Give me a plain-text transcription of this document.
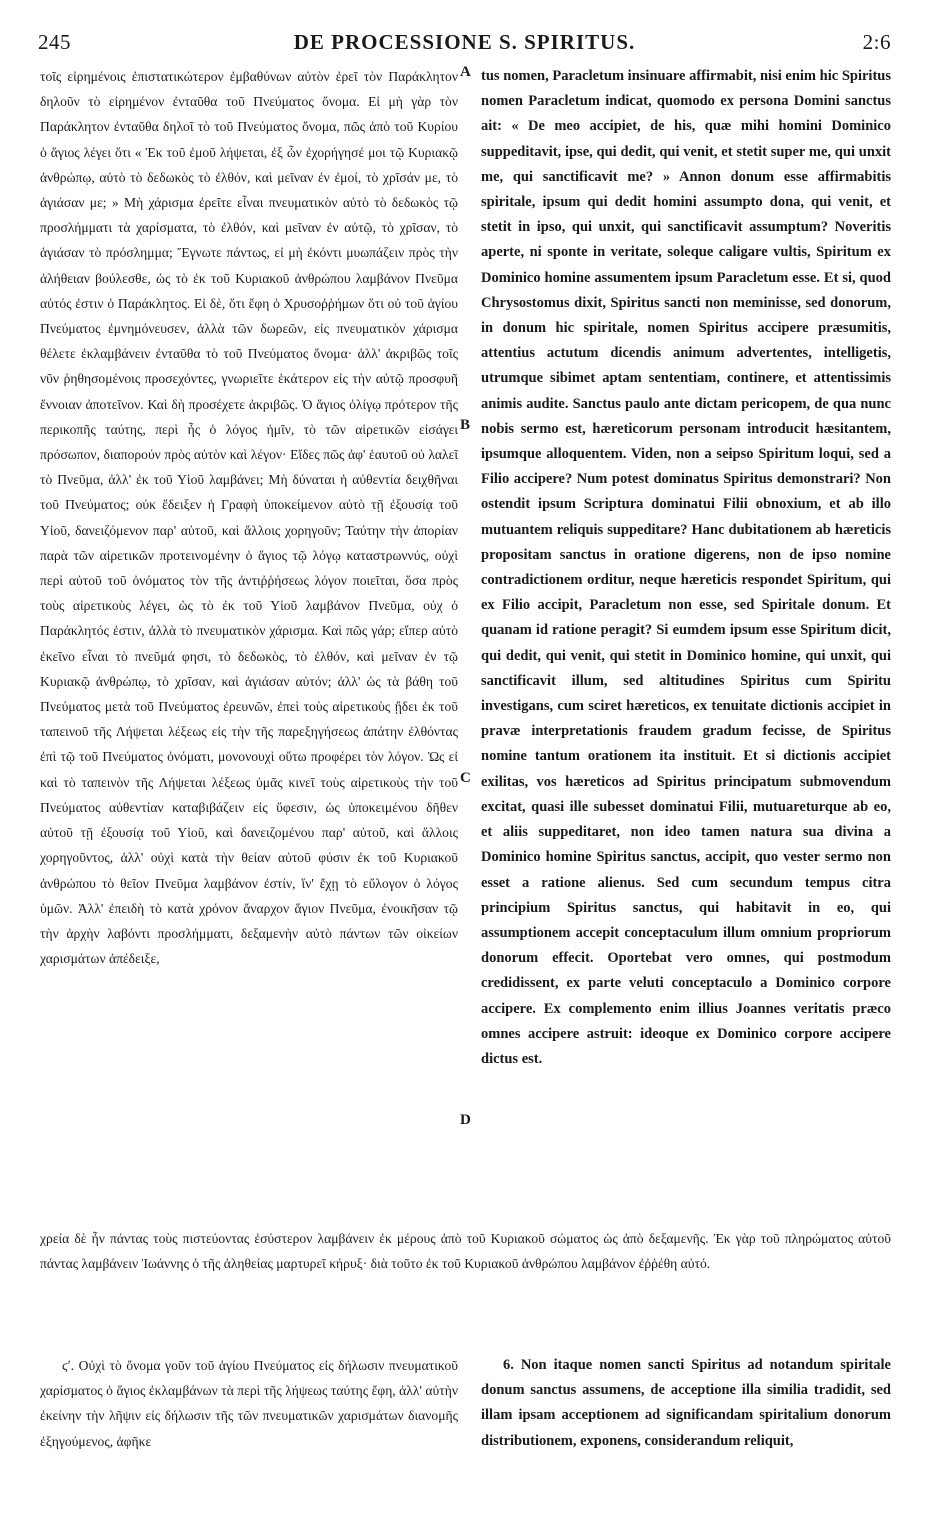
245	DE PROCESSIONE S. SPIRITUS.	2:6

τοῖς εἰρημένοις ἐπιστατικώτερον ἐμβαθύνων αὐτὸν ἐρεῖ τὸν Παράκλητον δηλοῦν τὸ εἰρημένον ἐνταῦθα τοῦ Πνεύματος ὄνομα. Εἰ μὴ γὰρ τὸν Παράκλητον ἐνταῦθα δηλοῖ τὸ τοῦ Πνεύματος ὄνομα, πῶς ἀπὸ τοῦ Κυρίου ὁ ἅγιος λέγει ὅτι « Ἐκ τοῦ ἐμοῦ λήψεται, ἐξ ὧν ἐχορήγησέ μοι τῷ Κυριακῷ ἀνθρώπῳ, αὐτὸ τὸ δεδωκὸς τὸ ἐλθόν, καὶ μεῖναν ἐν ἐμοί, τὸ χρῖσάν με, τὸ ἁγιάσαν με; » Μὴ χάρισμα ἐρεῖτε εἶναι πνευματικὸν αὐτὸ τὸ δεδωκὸς τῷ προσλήμματι τὰ χαρίσματα, τὸ ἐλθόν, καὶ μεῖναν ἐν αὐτῷ, τὸ χρῖσαν, τὸ ἁγιάσαν τὸ πρόσλημμα; Ἔγνωτε πάντως, εἰ μὴ ἐκόντι μυωπάζειν πρὸς τὴν ἀλήθειαν βούλεσθε, ὡς τὸ ἐκ τοῦ Κυριακοῦ ἀνθρώπου λαμβάνον Πνεῦμα αὐτός ἐστιν ὁ Παράκλητος. Εἰ δὲ, ὅτι ἔφη ὁ Χρυσοῤῥήμων ὅτι οὐ τοῦ ἁγίου Πνεύματος ἐμνημόνευσεν, ἀλλὰ τῶν δωρεῶν, εἰς πνευματικὸν χάρισμα θέλετε ἐκλαμβάνειν ἐνταῦθα τὸ τοῦ Πνεύματος ὄνομα· ἀλλ' ἀκριβῶς τοῖς νῦν ῥηθησομένοις προσεχόντες, γνωριεῖτε ἑκάτερον εἰς τὴν αὐτῷ προσφυῆ ἔννοιαν ἀποτεῖνον. Καὶ δὴ προσέχετε ἀκριβῶς. Ὁ ἅγιος ὀλίγῳ πρότερον τῆς περικοπῆς ταύτης, περὶ ἧς ὁ λόγος ἡμῖν, τὸ τῶν αἱρετικῶν εἰσάγει πρόσωπον, διαπορούν πρὸς αὐτὸν καὶ λέγον· Εἴδες πῶς ἀφ' ἑαυτοῦ οὐ λαλεῖ τὸ Πνεῦμα, ἀλλ' ἐκ τοῦ Υἱοῦ λαμβάνει; Μὴ δύναται ἡ αὐθεντία δειχθῆναι τοῦ Πνεύματος; οὐκ ἔδειξεν ἡ Γραφὴ ὑποκείμενον αὐτὸ τῇ ἐξουσίᾳ τοῦ Υἱοῦ, δανειζόμενον παρ' αὐτοῦ, καὶ ἄλλοις χορηγοῦν; Ταύτην τὴν ἀπορίαν παρὰ τῶν αἱρετικῶν προτεινομένην ὁ ἅγιος τῷ λόγῳ καταστρωννύς, οὐχὶ περὶ αὐτοῦ τοῦ ὀνόματος τὸν τῆς ἀντιῤῥήσεως λόγον ποιεῖται, ὅσα πρὸς τοὺς αἱρετικοὺς λέγει, ὡς τὸ ἐκ τοῦ Υἱοῦ λαμβάνον Πνεῦμα, οὐχ ὁ Παράκλητός ἐστιν, ἀλλὰ τὸ πνευματικὸν χάρισμα. Καὶ πῶς γάρ; εἴπερ αὐτὸ ἐκεῖνο εἶναι τὸ πνεῦμά φησι, τὸ δεδωκὸς, τὸ ἐλθόν, καὶ μεῖναν ἐν τῷ Κυριακῷ ἀνθρώπῳ, τὸ χρῖσαν, καὶ ἁγιάσαν αὐτόν; ἀλλ' ὡς τὰ βάθη τοῦ Πνεύματος μετὰ τοῦ Πνεύματος ἐρευνῶν, ἐπεὶ τοὺς αἱρετικοὺς ᾔδει ἐκ τοῦ ταπεινοῦ τῆς Λήψεται λέξεως εἰς τὴν τῆς παρεξηγήσεως ἀπάτην ἐλθόντας ἐπὶ τῷ τοῦ Πνεύματος ὀνόματι, μονονουχὶ οὕτω προφέρει τὸν λόγον. Ὡς εἰ καὶ τὸ ταπεινὸν τῆς Λήψεται λέξεως ὑμᾶς κινεῖ τοὺς αἱρετικοὺς τὴν τοῦ Πνεύματος αὐθεντίαν καταβιβάζειν εἰς ὕφεσιν, ὡς ὑποκειμένου δῆθεν αὐτοῦ τῇ ἐξουσίᾳ τοῦ Υἱοῦ, καὶ δανειζομένου παρ' αὐτοῦ, καὶ ἄλλοις χορηγοῦντος, ἀλλ' οὐχὶ κατὰ τὴν θείαν αὐτοῦ φύσιν ἐκ τοῦ Κυριακοῦ ἀνθρώπου τὸ θεῖον Πνεῦμα λαμβάνον ἐστίν, ἵν' ἔχῃ τὸ εὔλογον ὁ λόγος ὑμῶν. Ἀλλ' ἐπειδὴ τὸ κατὰ χρόνον ἄναρχον ἅγιον Πνεῦμα, ἐνοικῆσαν τῷ τὴν ἀρχὴν λαβόντι προσλήμματι, δεξαμενὴν αὐτὸ πάντων τῶν οἰκείων χαρισμάτων ἀπέδειξε,

A
B
C
D

tus nomen, Paracletum insinuare affirmabit, nisi enim hic Spiritus nomen Paracletum indicat, quomodo ex persona Domini sanctus ait: « De meo accipiet, de his, quæ mihi homini Dominico suppeditavit, ipse, qui dedit, qui venit, et stetit super me, qui unxit me, qui sanctificavit me? » Annon donum esse affirmabitis spiritale, ipsum qui dedit homini assumpto dona, qui venit, et stetit in ipso, qui unxit, qui sanctificavit assumptum? Noveritis aperte, ni sponte in veritate, soleque caligare vultis, Spiritum ex Dominico homine assumentem ipsum Paracletum esse. Et si, quod Chrysostomus dixit, Spiritus sancti non meminisse, sed donorum, in donum hic spiritale, nomen Spiritus accipere præsumitis, attentius actutum dicendis animum advertentes, intelligetis, utrumque sibimet aptam sententiam, continere, et attentissimis animis audite. Sanctus paulo ante dictam pericopem, de qua nunc nobis sermo est, hæreticorum personam introducit hæsitantem, ipsumque alloquentem. Viden, non a seipso Spiritum loqui, sed a Filio accipere? Num potest dominatus Spiritus demonstrari? Non ostendit ipsum Scriptura dominatui Filii obnoxium, et ab illo mutuantem reliquis suppeditare? Hanc dubitationem ab hæreticis propositam sanctus in oratione digerens, non de ipso nomine contradictionem orditur, neque hæreticis respondet Spiritum, qui ex Filio accipit, Paracletum non esse, sed Spiritale donum. Et quanam id ratione peragit? Si eumdem ipsum esse Spiritum dicit, qui dedit, qui venit, qui stetit in Dominico homine, qui unxit, qui sanctificavit illum, sed altitudines Spiritus cum Spiritu investigans, cum sciret hæreticos, ex tenuitate dictionis accipiet in pravæ interpretationis fraudem gradum fecisse, de Spiritus nomine tantum orationem ita instituit. Et si dictionis accipiet exilitas, vos hæreticos ad Spiritus principatum submovendum excitat, quasi ille subesset dominatui Filii, mutuareturque ab eo, et aliis suppeditaret, non ideo tamen natura sua divina a Dominico homine Spiritus sanctus, accipit, quo vester sermo non esset a ratione alienus. Sed cum secundum tempus citra principium Spiritus sanctus, qui habitavit in eo, qui assumptionem accepit conceptaculum illum omnium propriorum donorum effecit. Oportebat vero omnes, qui postmodum credidissent, ex parte veluti conceptaculo a Dominico corpore accipere. Ex complemento enim illius Joannes veritatis præco omnes accipere astruit: ideoque ex Dominico corpore accipere dictus est.

χρεία δὲ ἦν πάντας τοὺς πιστεύοντας ἐσύστερον λαμβάνειν ἐκ μέρους ἀπὸ τοῦ Κυριακοῦ σώματος ὡς ἀπὸ δεξαμενῆς. Ἐκ γὰρ τοῦ πληρώματος αὐτοῦ πάντας λαμβάνειν Ἰωάννης ὁ τῆς ἀληθείας μαρτυρεῖ κήρυξ· διὰ τοῦτο ἐκ τοῦ Κυριακοῦ ἀνθρώπου λαμβάνον ἐῤῥέθη αὐτό.

ϛʹ. Οὐχὶ τὸ ὄνομα γοῦν τοῦ ἁγίου Πνεύματος εἰς δήλωσιν πνευματικοῦ χαρίσματος ὁ ἅγιος ἐκλαμβάνων τὰ περὶ τῆς λήψεως ταύτης ἔφη, ἀλλ' αὐτὴν ἐκείνην τὴν λῆψιν εἰς δήλωσιν τῆς τῶν πνευματικῶν χαρισμάτων διανομῆς ἐξηγούμενος, ἀφῆκε

6. Non itaque nomen sancti Spiritus ad notandum spiritale donum sanctus assumens, de acceptione illa similia tradidit, sed illam ipsam acceptionem ad significandam spiritalium donorum distributionem, exponens, considerandum reliquit,
